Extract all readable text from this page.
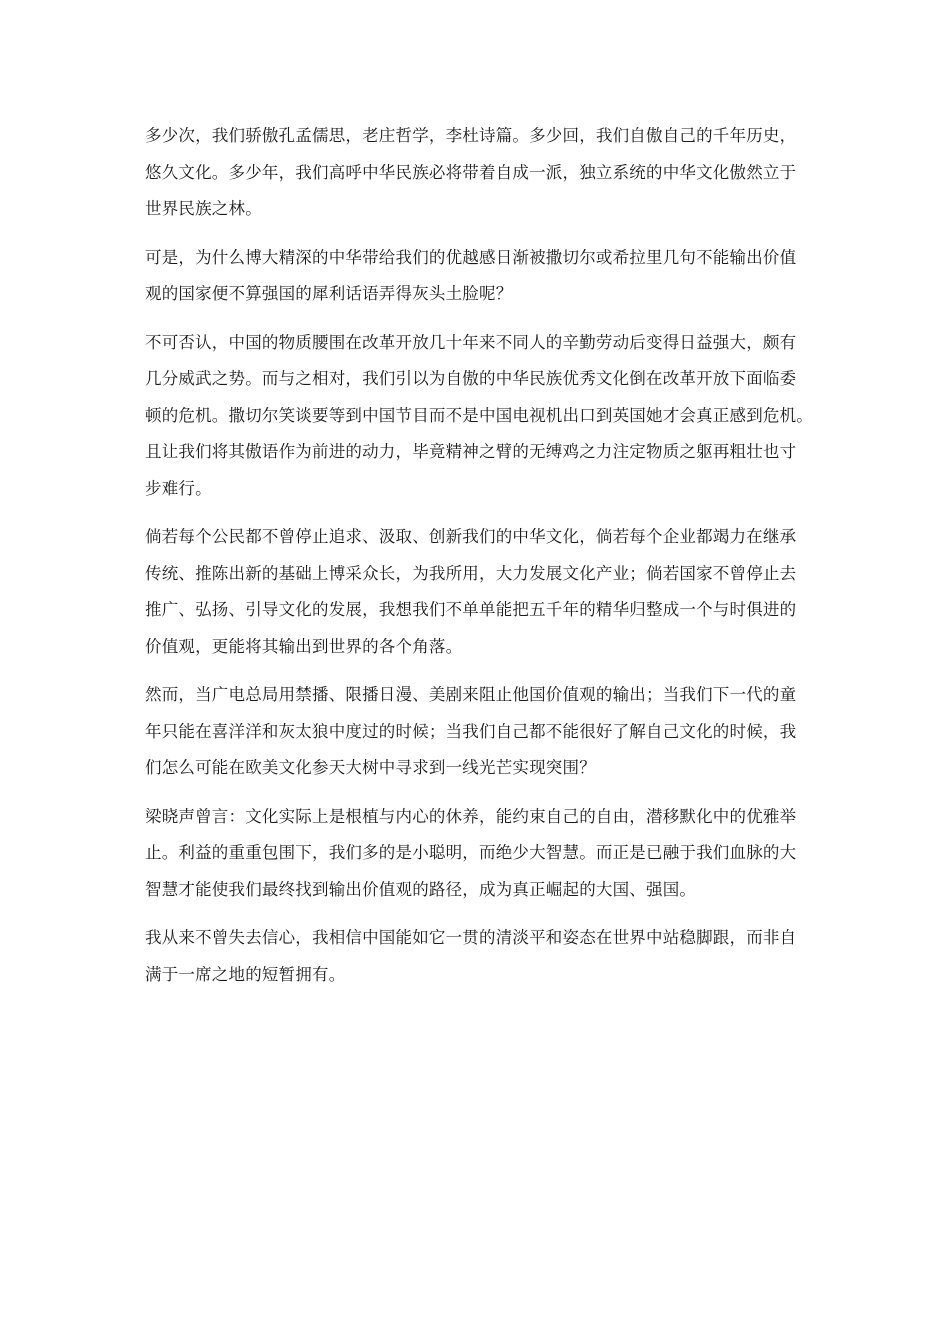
多少次，我们骄傲孔孟儒思，老庄哲学，李杜诗篇。多少回，我们自傲自己的千年历史，
悠久文化。多少年，我们高呼中华民族必将带着自成一派，独立系统的中华文化傲然立于
世界民族之林。

可是，为什么博大精深的中华带给我们的优越感日渐被撒切尔或希拉里几句不能输出价值
观的国家便不算强国的犀利话语弄得灰头土脸呢？

不可否认，中国的物质腰围在改革开放几十年来不同人的辛勤劳动后变得日益强大，颇有
几分威武之势。而与之相对，我们引以为自傲的中华民族优秀文化倒在改革开放下面临委
顿的危机。撒切尔笑谈要等到中国节目而不是中国电视机出口到英国她才会真正感到危机。
且让我们将其傲语作为前进的动力，毕竟精神之臂的无缚鸡之力注定物质之躯再粗壮也寸
步难行。

倘若每个公民都不曾停止追求、汲取、创新我们的中华文化，倘若每个企业都竭力在继承
传统、推陈出新的基础上博采众长，为我所用，大力发展文化产业；倘若国家不曾停止去
推广、弘扬、引导文化的发展，我想我们不单单能把五千年的精华归整成一个与时俱进的
价值观，更能将其输出到世界的各个角落。

然而，当广电总局用禁播、限播日漫、美剧来阻止他国价值观的输出；当我们下一代的童
年只能在喜洋洋和灰太狼中度过的时候；当我们自己都不能很好了解自己文化的时候，我
们怎么可能在欧美文化参天大树中寻求到一线光芒实现突围？

梁晓声曾言：文化实际上是根植与内心的休养，能约束自己的自由，潜移默化中的优雅举
止。利益的重重包围下，我们多的是小聪明，而绝少大智慧。而正是已融于我们血脉的大
智慧才能使我们最终找到输出价值观的路径，成为真正崛起的大国、强国。

我从来不曾失去信心，我相信中国能如它一贯的清淡平和姿态在世界中站稳脚跟，而非自
满于一席之地的短暂拥有。
